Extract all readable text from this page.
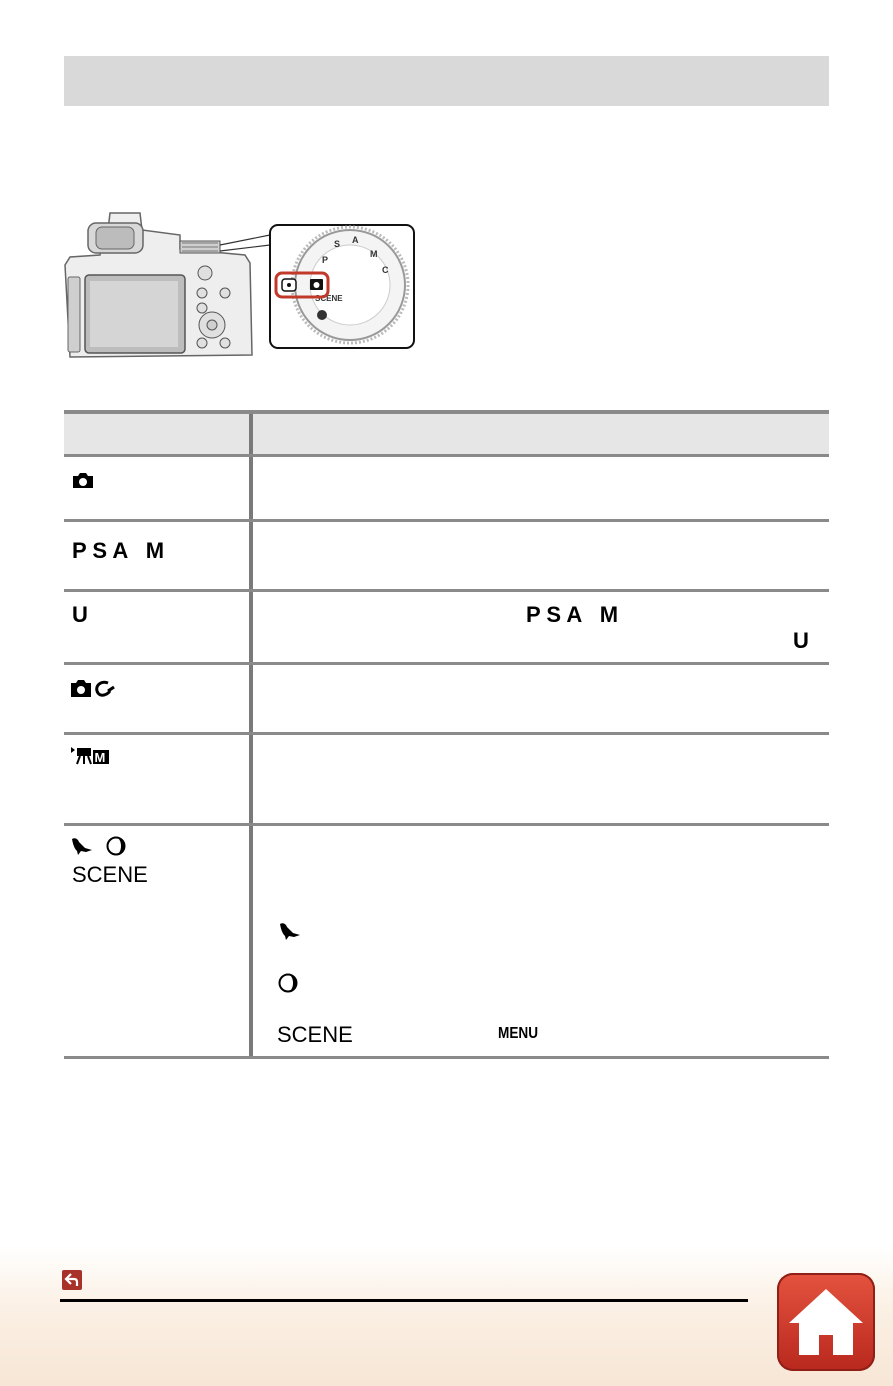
S A
M
C
P
SCENE
P S A   M
U	P S A   M
U
M
SCENE
SCENE	MENU
